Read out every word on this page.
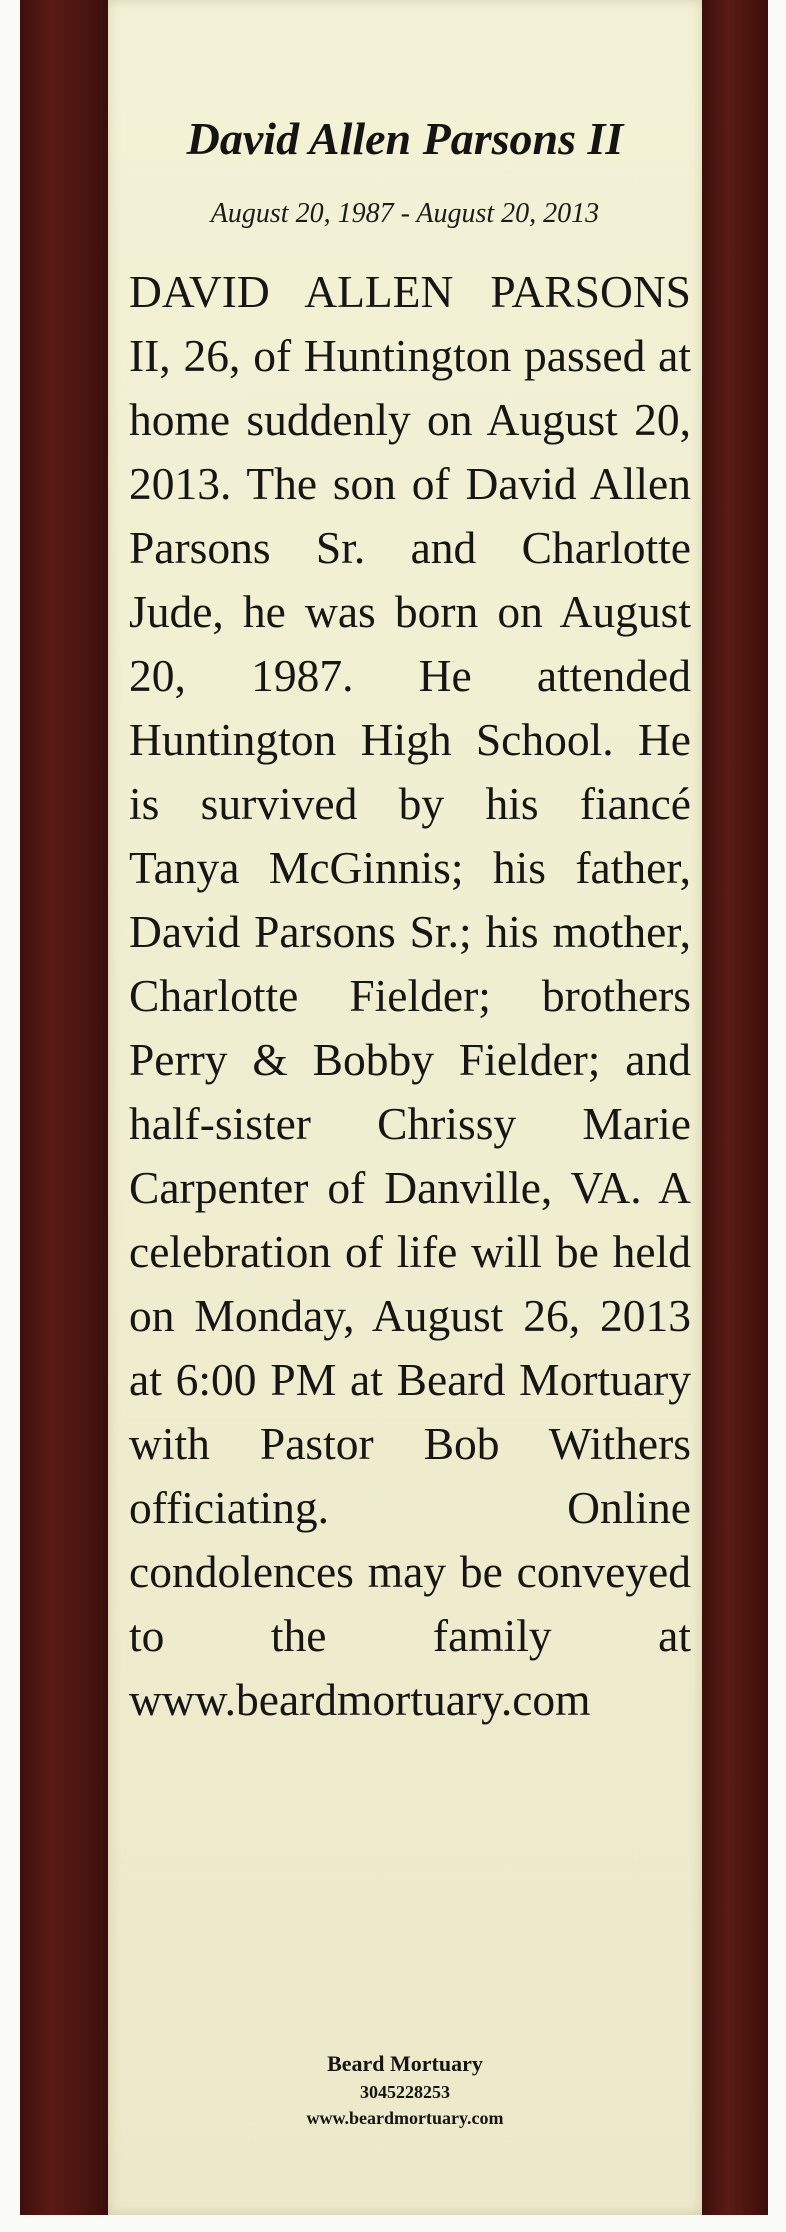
David Allen Parsons II
August 20, 1987 - August 20, 2013
DAVID ALLEN PARSONS II, 26, of Huntington passed at home suddenly on August 20, 2013. The son of David Allen Parsons Sr. and Charlotte Jude, he was born on August 20, 1987. He attended Huntington High School. He is survived by his fiancé Tanya McGinnis; his father, David Parsons Sr.; his mother, Charlotte Fielder; brothers Perry & Bobby Fielder; and half-sister Chrissy Marie Carpenter of Danville, VA. A celebration of life will be held on Monday, August 26, 2013 at 6:00 PM at Beard Mortuary with Pastor Bob Withers officiating. Online condolences may be conveyed to the family at www.beardmortuary.com
Beard Mortuary
3045228253
www.beardmortuary.com
